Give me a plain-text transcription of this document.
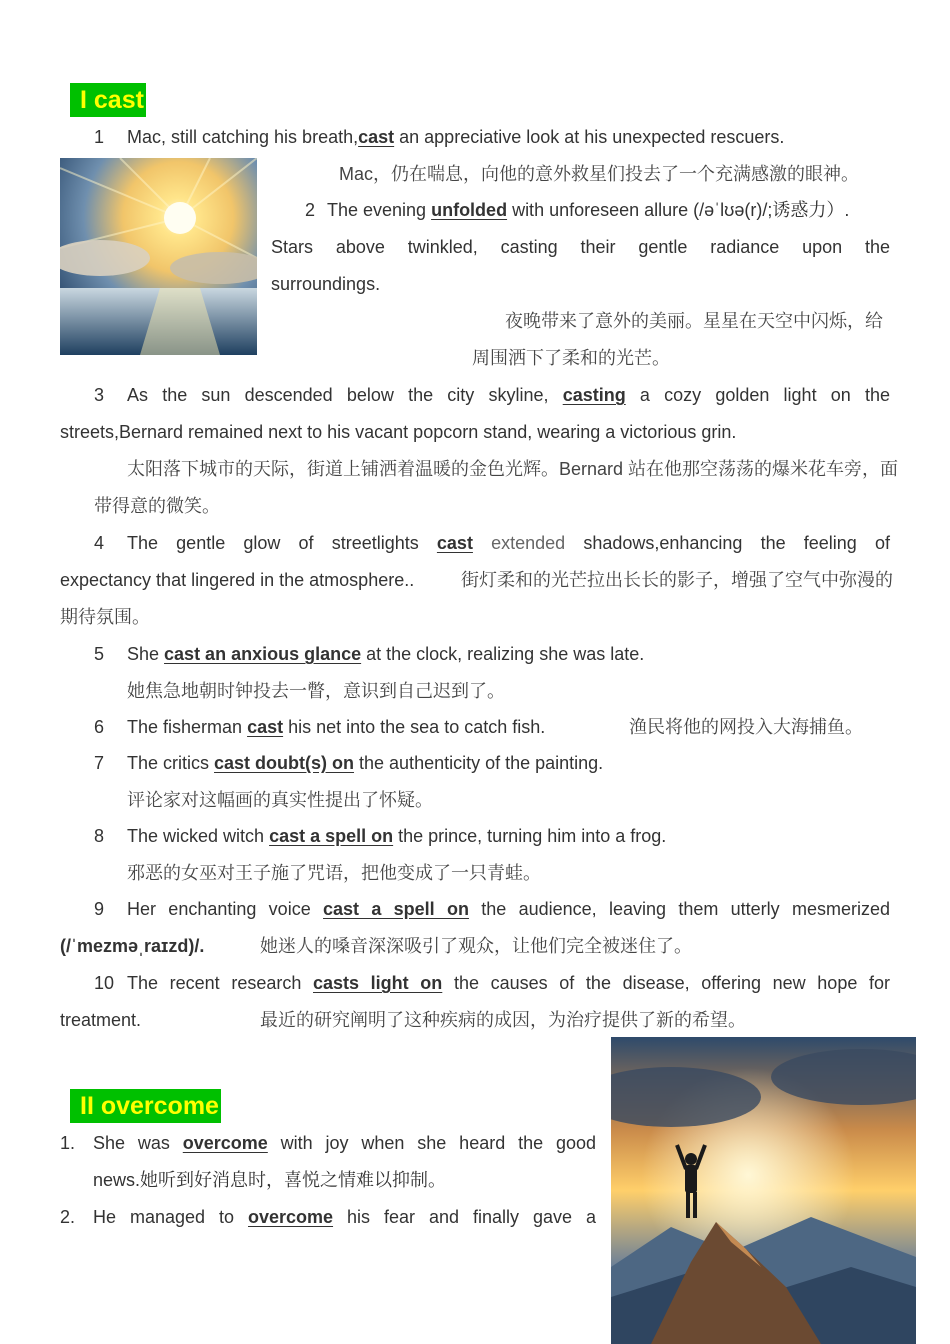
I cast
1 Mac, still catching his breath,cast an appreciative look at his unexpected rescuers.
Mac，仍在喘息，向他的意外救星们投去了一个充满感激的眼神。
2 The evening unfolded with unforeseen allure (/əˈlʊə(r)/;诱惑力）.
Stars above twinkled, casting their gentle radiance upon the
surroundings.
夜晚带来了意外的美丽。星星在天空中闪烁，给
周围洒下了柔和的光芒。
3 As the sun descended below the city skyline, casting a cozy golden light on the
streets,Bernard remained next to his vacant popcorn stand, wearing a victorious grin.
太阳落下城市的天际，街道上铺洒着温暖的金色光辉。Bernard 站在他那空荡荡的爆米花车旁，面
带得意的微笑。
4 The gentle glow of streetlights cast extended shadows,enhancing the feeling of
expectancy that lingered in the atmosphere..	街灯柔和的光芒拉出长长的影子，增强了空气中弥漫的
期待氛围。
5 She cast an anxious glance at the clock, realizing she was late.
她焦急地朝时钟投去一瞥，意识到自己迟到了。
6 The fisherman cast his net into the sea to catch fish.	渔民将他的网投入大海捕鱼。
7 The critics cast doubt(s) on the authenticity of the painting.
评论家对这幅画的真实性提出了怀疑。
8 The wicked witch cast a spell on the prince, turning him into a frog.
邪恶的女巫对王子施了咒语，把他变成了一只青蛙。
9 Her enchanting voice cast a spell on the audience, leaving them utterly mesmerized
(/ˈmezməˌraɪzd)/.	她迷人的嗓音深深吸引了观众，让他们完全被迷住了。
10 The recent research casts light on the causes of the disease, offering new hope for
treatment.	最近的研究阐明了这种疾病的成因，为治疗提供了新的希望。
II overcome
1. She was overcome with joy when she heard the good
news.她听到好消息时，喜悦之情难以抑制。
2. He managed to overcome his fear and finally gave a
